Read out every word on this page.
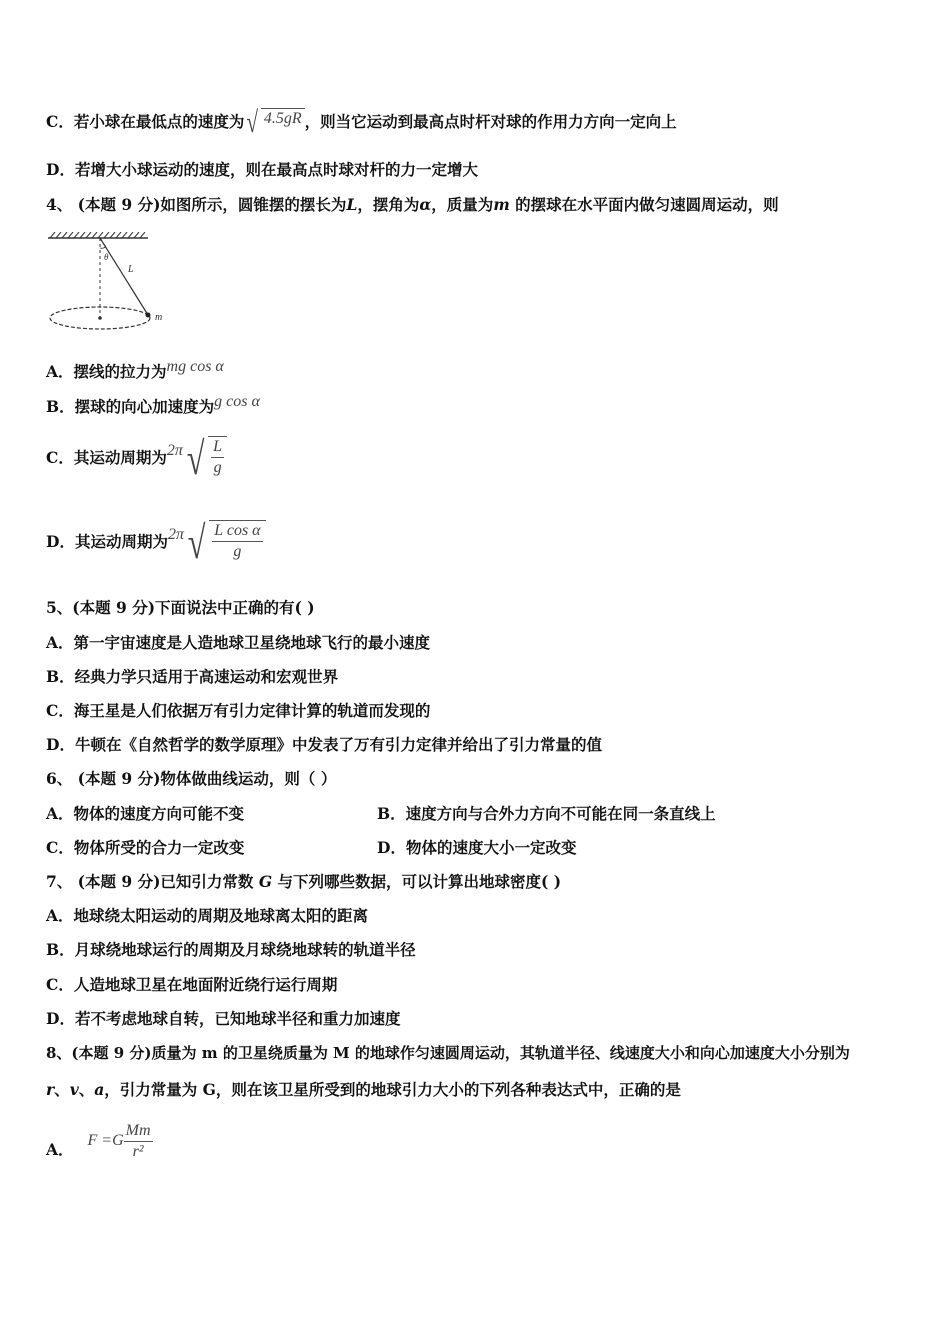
C．若小球在最低点的速度为 √ 4.5gR ，则当它运动到最高点时杆对球的作用力方向一定向上
D．若增大小球运动的速度，则在最高点时球对杆的力一定增大
4、 (本题 9 分)如图所示，圆锥摆的摆长为L，摆角为α，质量为m 的摆球在水平面内做匀速圆周运动，则
θ
L
m
A．摆线的拉力为mg cos α
B．摆球的向心加速度为g cos α
C．其运动周期为2π √ $\frac{L}{g}$
D．其运动周期为2π √ $\frac{\text{L cos α}}{g}$
5、(本题 9 分)下面说法中正确的有( )
A．第一宇宙速度是人造地球卫星绕地球飞行的最小速度
B．经典力学只适用于高速运动和宏观世界
C．海王星是人们依据万有引力定律计算的轨道而发现的
D．牛顿在《自然哲学的数学原理》中发表了万有引力定律并给出了引力常量的值
6、 (本题 9 分)物体做曲线运动，则（ ）
A．物体的速度方向可能不变	B．速度方向与合外力方向不可能在同一条直线上
C．物体所受的合力一定改变	D．物体的速度大小一定改变
7、 (本题 9 分)已知引力常数 G 与下列哪些数据，可以计算出地球密度( )
A．地球绕太阳运动的周期及地球离太阳的距离
B．月球绕地球运行的周期及月球绕地球转的轨道半径
C．人造地球卫星在地面附近绕行运行周期
D．若不考虑地球自转，已知地球半径和重力加速度
8、(本题 9 分)质量为 m 的卫星绕质量为 M 的地球作匀速圆周运动，其轨道半径、线速度大小和向心加速度大小分别为
r、v、a，引力常量为 G，则在该卫星所受到的地球引力大小的下列各种表达式中，正确的是
A． $F =G \frac{Mm}{\text{r²}}$
